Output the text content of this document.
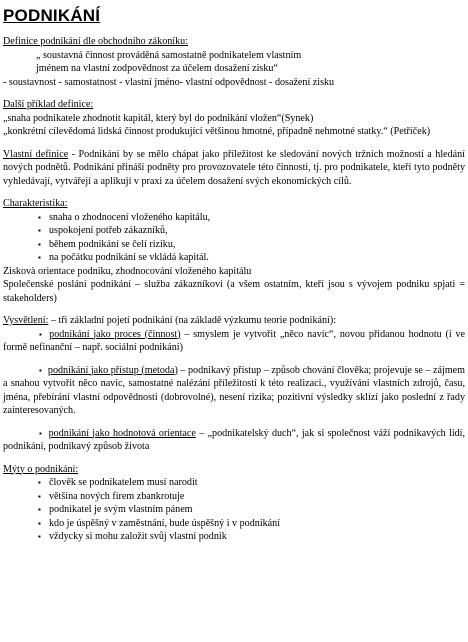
PODNIKÁNÍ

Definice podnikání dle obchodního zákoníku:

„ soustavná činnost prováděná samostatně podnikatelem vlastním

jménem na vlastní zodpovědnost za účelem dosažení zisku“

- soustavnost - samostatnost - vlastní jméno- vlastní odpovědnost - dosažení zisku

Další příklad definice:

„snaha podnikatele zhodnotit kapitál, který byl do podnikání vložen“(Synek)

„konkrétní cílevědomá lidská činnost produkující většinou hmotné, případně nehmotné statky.“ (Petříček)

Vlastní definice - Podnikání by se mělo chápat jako příležitost ke sledování nových tržních možností a hledání nových podnětů. Podnikání přináší podněty pro provozovatele této činnosti, tj. pro podnikatele, kteří tyto podněty vyhledávají, vytvářejí a aplikují v praxi za účelem dosažení svých ekonomických cílů.

Charakteristika:

▪ snaha o zhodnocení vloženého kapitálu,
▪ uspokojení potřeb zákazníků,
▪ během podnikání se čelí riziku,
▪ na počátku podnikání se vkládá kapitál.

Ziskovà orientace podniku, zhodnocování vloženého kapitálu

Společenské poslání podnikání – služba zákazníkovi (a všem ostatním, kteří jsou s vývojem podniku spjati = stakeholders)

Vysvětlení: – tři základní pojetí podnikání (na základě výzkumu teorie podnikání):

▪ podnikání jako proces (činnost) – smyslem je vytvořit „něco navíc“, novou přidanou hodnotu (i ve formě nefinanční – např. sociální podnikání)

▪ podnikání jako přístup (metoda) – podnikavý přístup – způsob chování člověka; projevuje se – zájmem a snahou vytvořit něco navíc, samostatné nalézání příležitostí k této realizaci., využívání vlastních zdrojů, času, jména, přebírání vlastní odpovědnosti (dobrovolné), nesení rizika; pozitivní výsledky sklízí jako poslední z řady zainteresovaných.

▪ podnikání jako hodnotová orientace – „podnikatelský duch“, jak si společnost váží podnikavých lidí, podnikání, podnikavý způsob života

Mýty o podnikání:

▪ člověk se podnikatelem musí narodit
▪ většina nových firem zbankrotuje
▪ podnikatel je svým vlastním pánem
▪ kdo je úspěšný v zaměstnání, bude úspěšný i v podnikání
▪ vždycky si mohu založit svůj vlastní podnik
